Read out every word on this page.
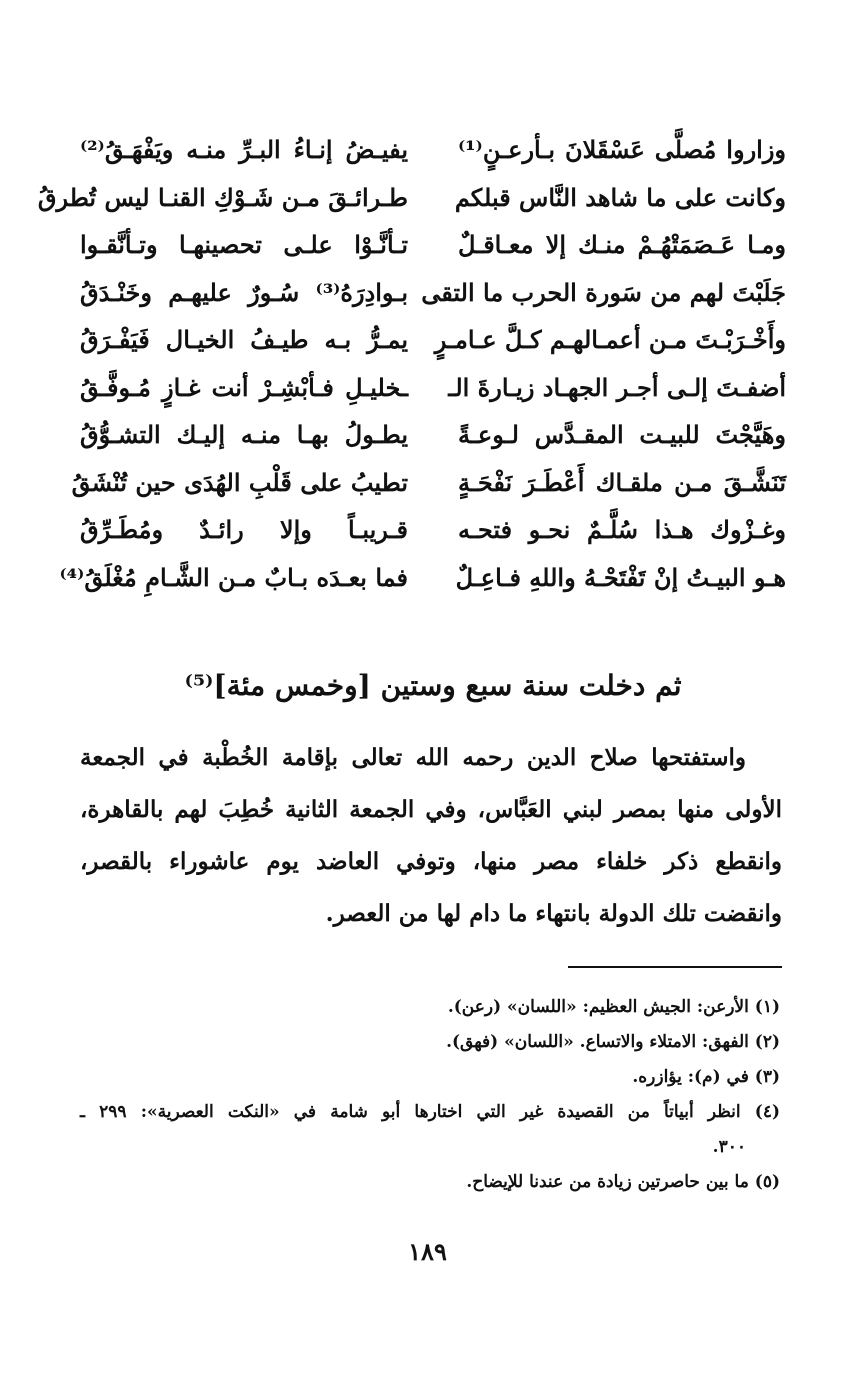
وزاروا مُصلَّى عَسْقَلانَ بـأرعـنٍ⁽¹⁾
يفيـضُ إنـاءُ البـرِّ منـه ويَفْهَـقُ⁽²⁾
وكانت على ما شاهد النَّاس قبلكم
طـرائـقَ مـن شَـوْكِ القنـا ليس تُطرقُ
ومـا عَـصَمَتْهُـمْ منـك إلا معـاقـلٌ
تـأنَّـوْا علـى تحصينهـا وتـأنَّقـوا
جَلَبْتَ لهم من سَورة الحرب ما التقى
بـوادِرَهُ⁽³⁾ سُـورٌ عليهـم وخَنْـدَقُ
وأَخْـرَبْـتَ مـن أعمـالهـم كـلَّ عـامـرٍ
يمـرُّ بـه طيـفُ الخيـال فَيَفْـرَقُ
أضفـتَ إلـى أجـر الجهـاد زيـارةَ الـ
ـخليـلِ فـأبْشِـرْ أنت غـازٍ مُـوفَّـقُ
وهَيَّجْتَ للبيـت المقـدَّس لـوعـةً
يطـولُ بهـا منـه إليـك التشـوُّقُ
تَنَشَّـقَ مـن ملقـاك أَعْطَـرَ نَفْحَـةٍ
تطيبُ على قَلْبِ الهُدَى حين تُنْشَقُ
وغـزْوك هـذا سُلَّـمٌ نحـو فتحـه
قـريبـاً وإلا رائـدٌ ومُطَـرِّقُ
هـو البيـتُ إنْ تَفْتَحْـهُ واللهِ فـاعِـلٌ
فما بعـدَه بـابٌ مـن الشَّـامِ مُغْلَقُ⁽⁴⁾
ثم دخلت سنة سبع وستين [وخمس مئة]⁽⁵⁾
واستفتحها صلاح الدين رحمه الله تعالى بإقامة الخُطْبة في الجمعة
الأولى منها بمصر لبني العَبَّاس، وفي الجمعة الثانية خُطِبَ لهم بالقاهرة،
وانقطع ذكر خلفاء مصر منها، وتوفي العاضد يوم عاشوراء بالقصر،
وانقضت تلك الدولة بانتهاء ما دام لها من العصر.
(١) الأرعن: الجيش العظيم: «اللسان» (رعن).
(٢) الفهق: الامتلاء والاتساع. «اللسان» (فهق).
(٣) في (م): يؤازره.
(٤) انظر أبياتاً من القصيدة غير التي اختارها أبو شامة في «النكت العصرية»: ٢٩٩ ـ
٣٠٠.
(٥) ما بين حاصرتين زيادة من عندنا للإيضاح.
١٨٩
